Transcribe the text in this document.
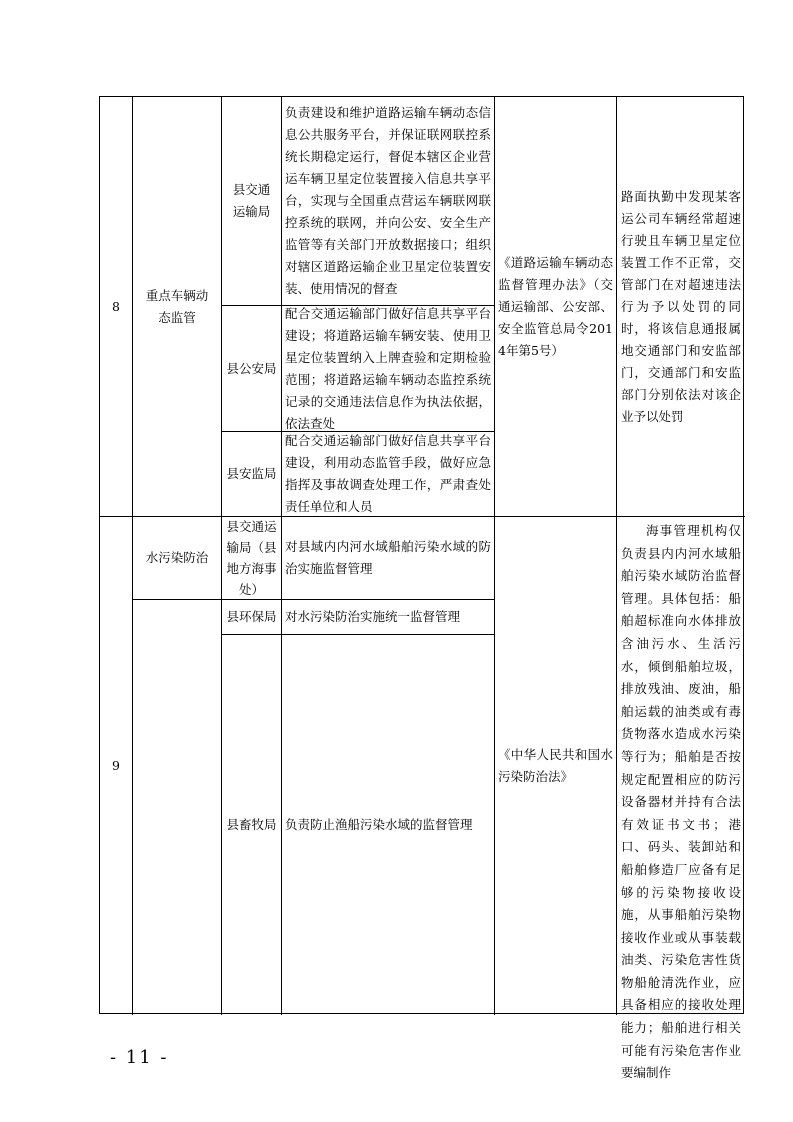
8
重点车辆动态监管
县交通运输局
负责建设和维护道路运输车辆动态信息公共服务平台，并保证联网联控系统长期稳定运行，督促本辖区企业营运车辆卫星定位装置接入信息共享平台，实现与全国重点营运车辆联网联控系统的联网，并向公安、安全生产监管等有关部门开放数据接口；组织对辖区道路运输企业卫星定位装置安装、使用情况的督查
县公安局
配合交通运输部门做好信息共享平台建设；将道路运输车辆安装、使用卫星定位装置纳入上牌查验和定期检验范围；将道路运输车辆动态监控系统记录的交通违法信息作为执法依据，依法查处
县安监局
配合交通运输部门做好信息共享平台建设，利用动态监管手段，做好应急指挥及事故调查处理工作，严肃查处责任单位和人员
《道路运输车辆动态监督管理办法》（交通运输部、公安部、 安全监管总局令2014年第5号）
路面执勤中发现某客运公司车辆经常超速行驶且车辆卫星定位装置工作不正常，交管部门在对超速违法行为予以处罚的同时，将该信息通报属地交通部门和安监部门，交通部门和安监部门分别依法对该企业予以处罚
9
水污染防治
县交通运输局（县地方海事处）
对县域内内河水域船舶污染水域的防治实施监督管理
县环保局 对水污染防治实施统一监督管理
县畜牧局 负责防止渔船污染水域的监督管理
《中华人民共和国水污染防治法》
海事管理机构仅负责县内内河水域船舶污染水域防治监督管理。具体包括：船舶超标准向水体排放含油污水、生活污水，倾倒船舶垃圾，排放残油、废油，船舶运载的油类或有毒货物落水造成水污染等行为；船舶是否按规定配置相应的防污设备器材并持有合法有效证书文书；港口、码头、装卸站和船舶修造厂应备有足够的污染物接收设施，从事船舶污染物接收作业或从事装载油类、污染危害性货物船舱清洗作业，应具备相应的接收处理能力；船舶进行相关可能有污染危害作业要编制作
- 11 -
